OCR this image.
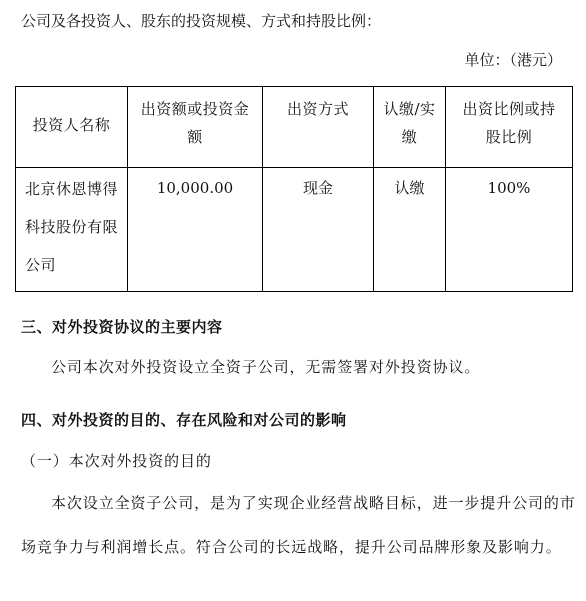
公司及各投资人、股东的投资规模、方式和持股比例：
单位：（港元）
投资人名称	出资额或投资金额	出资方式	认缴/实缴	出资比例或持股比例

北京休恩博得科技股份有限公司	10,000.00	现金	认缴	100%
三、对外投资协议的主要内容
公司本次对外投资设立全资子公司，无需签署对外投资协议。
四、对外投资的目的、存在风险和对公司的影响
（一）本次对外投资的目的
本次设立全资子公司，是为了实现企业经营战略目标，进一步提升公司的市场竞争力与利润增长点。符合公司的长远战略，提升公司品牌形象及影响力。
